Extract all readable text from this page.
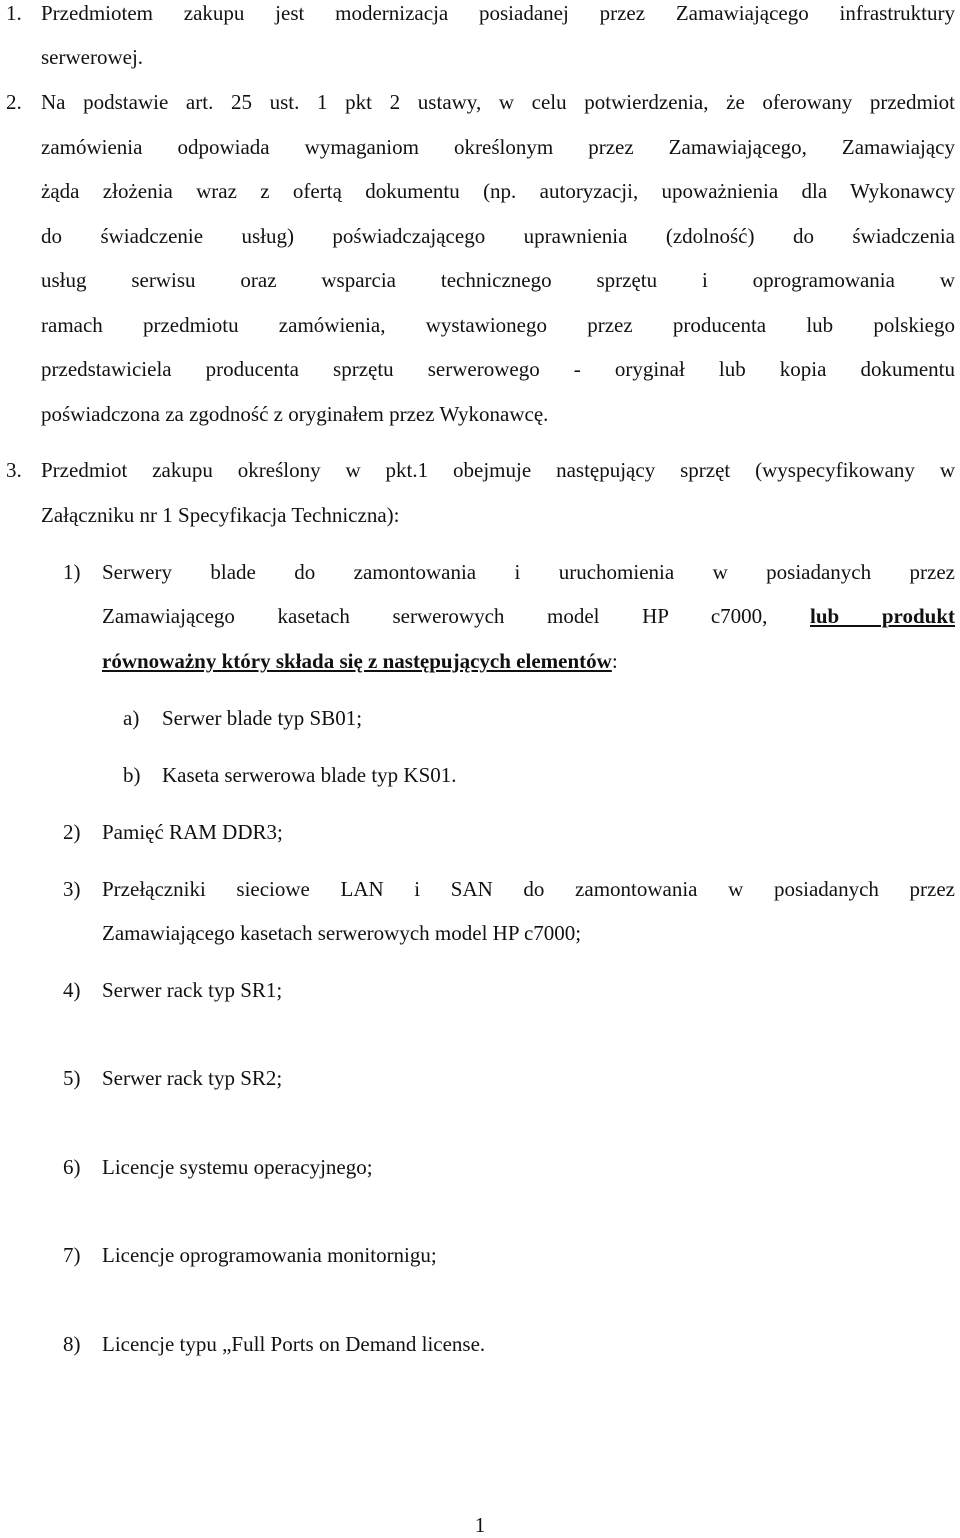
1. Przedmiotem zakupu jest modernizacja posiadanej przez Zamawiającego infrastruktury
serwerowej.
2. Na podstawie art. 25 ust. 1 pkt 2 ustawy, w celu potwierdzenia, że oferowany przedmiot
zamówienia odpowiada wymaganiom określonym przez Zamawiającego, Zamawiający
żąda złożenia wraz z ofertą dokumentu (np. autoryzacji, upoważnienia dla Wykonawcy
do świadczenie usług) poświadczającego uprawnienia (zdolność) do świadczenia
usług serwisu oraz wsparcia technicznego sprzętu i oprogramowania w
ramach przedmiotu zamówienia, wystawionego przez producenta lub polskiego
przedstawiciela producenta sprzętu serwerowego - oryginał lub kopia dokumentu
poświadczona za zgodność z oryginałem przez Wykonawcę.
3. Przedmiot zakupu określony w pkt.1 obejmuje następujący sprzęt (wyspecyfikowany w
Załączniku nr 1 Specyfikacja Techniczna):
1) Serwery blade do zamontowania i uruchomienia w posiadanych przez
Zamawiającego kasetach serwerowych model HP c7000, lub produkt
równoważny który składa się z następujących elementów:
a) Serwer blade typ SB01;
b) Kaseta serwerowa blade typ KS01.
2) Pamięć RAM DDR3;
3) Przełączniki sieciowe LAN i SAN do zamontowania w posiadanych przez
Zamawiającego kasetach serwerowych model HP c7000;
4) Serwer rack typ SR1;
5) Serwer rack typ SR2;
6) Licencje systemu operacyjnego;
7) Licencje oprogramowania monitornigu;
8) Licencje typu „Full Ports on Demand license.
1
